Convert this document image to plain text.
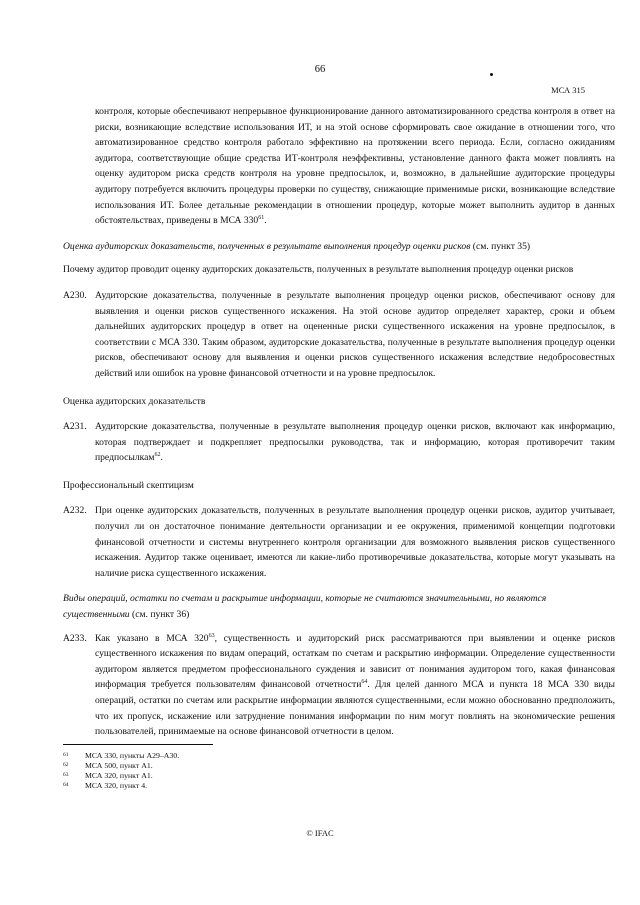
66
МСА 315

контроля, которые обеспечивают непрерывное функционирование данного автоматизированного средства контроля в ответ на риски, возникающие вследствие использования ИТ, и на этой основе сформировать свое ожидание в отношении того, что автоматизированное средство контроля работало эффективно на протяжении всего периода. Если, согласно ожиданиям аудитора, соответствующие общие средства ИТ-контроля неэффективны, установление данного факта может повлиять на оценку аудитором риска средств контроля на уровне предпосылок, и, возможно, в дальнейшие аудиторские процедуры аудитору потребуется включить процедуры проверки по существу, снижающие применимые риски, возникающие вследствие использования ИТ. Более детальные рекомендации в отношении процедур, которые может выполнить аудитор в данных обстоятельствах, приведены в МСА $330^{61}$.

Оценка аудиторских доказательств, полученных в результате выполнения процедур оценки рисков (см. пункт 35)

Почему аудитор проводит оценку аудиторских доказательств, полученных в результате выполнения процедур оценки рисков

A230. Аудиторские доказательства, полученные в результате выполнения процедур оценки рисков, обеспечивают основу для выявления и оценки рисков существенного искажения. На этой основе аудитор определяет характер, сроки и объем дальнейших аудиторских процедур в ответ на оцененные риски существенного искажения на уровне предпосылок, в соответствии с МСА 330. Таким образом, аудиторские доказательства, полученные в результате выполнения процедур оценки рисков, обеспечивают основу для выявления и оценки рисков существенного искажения вследствие недобросовестных действий или ошибок на уровне финансовой отчетности и на уровне предпосылок.
Оценка аудиторских доказательств
A231. Аудиторские доказательства, полученные в результате выполнения процедур оценки рисков, включают как информацию, которая подтверждает и подкрепляет предпосылки руководства, так и информацию, которая противоречит таким предпосылкам$^{62}$.
Профессиональный скептицизм
A232. При оценке аудиторских доказательств, полученных в результате выполнения процедур оценки рисков, аудитор учитывает, получил ли он достаточное понимание деятельности организации и ее окружения, применимой концепции подготовки финансовой отчетности и системы внутреннего контроля организации для возможного выявления рисков существенного искажения. Аудитор также оценивает, имеются ли какие-либо противоречивые доказательства, которые могут указывать на наличие риска существенного искажения.
Виды операций, остатки по счетам и раскрытие информации, которые не считаются значительными, но являются существенными (см. пункт 36)
A233. Как указано в МСА $320^{63}$, существенность и аудиторский риск рассматриваются при выявлении и оценке рисков существенного искажения по видам операций, остаткам по счетам и раскрытию информации. Определение существенности аудитором является предметом профессионального суждения и зависит от понимания аудитором того, какая финансовая информация требуется пользователям финансовой отчетности$^{64}$. Для целей данного МСА и пункта 18 МСА 330 виды операций, остатки по счетам или раскрытие информации являются существенными, если можно обоснованно предположить, что их пропуск, искажение или затруднение понимания информации по ним могут повлиять на экономические решения пользователей, принимаемые на основе финансовой отчетности в целом.
61	МСА 330, пункты А29–А30.
62	МСА 500, пункт А1.
63	МСА 320, пункт А1.
64	МСА 320, пункт 4.
© IFAC
